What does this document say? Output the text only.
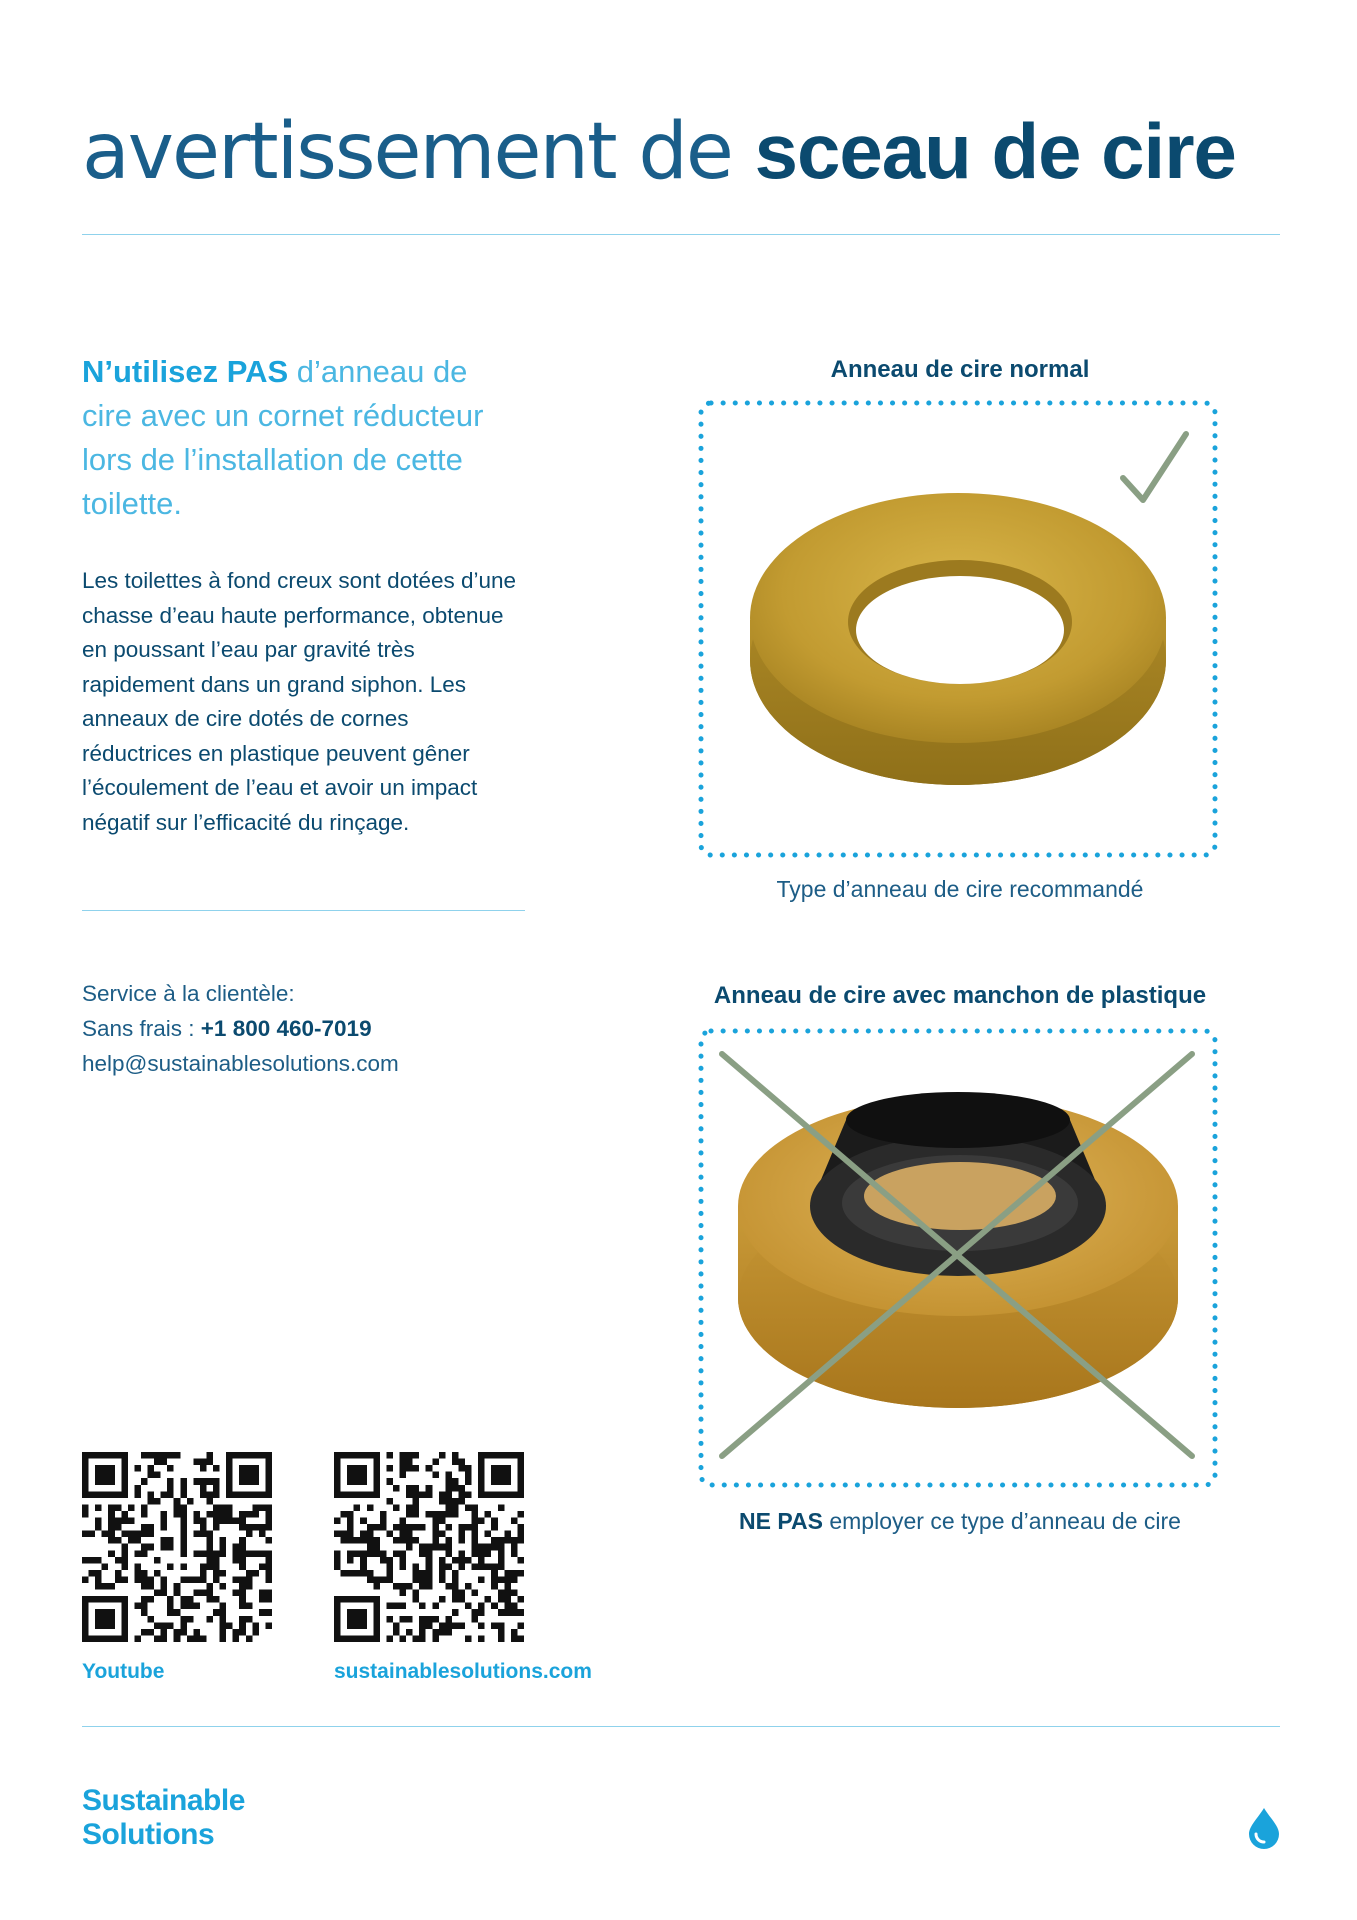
avertissement de sceau de cire

N’utilisez PAS d’anneau de cire avec un cornet réducteur lors de l’installation de cette toilette.

Les toilettes à fond creux sont dotées d’une chasse d’eau haute performance, obtenue en poussant l’eau par gravité très rapidement dans un grand siphon. Les anneaux de cire dotés de cornes réductrices en plastique peuvent gêner l’écoulement de l’eau et avoir un impact négatif sur l’efficacité du rinçage.

Service à la clientèle:
Sans frais : +1 800 460-7019
help@sustainablesolutions.com
Youtube	sustainablesolutions.com
Anneau de cire normal
Type d’anneau de cire recommandé
Anneau de cire avec manchon de plastique

NE PAS employer ce type d’anneau de cire

Sustainable
Solutions
